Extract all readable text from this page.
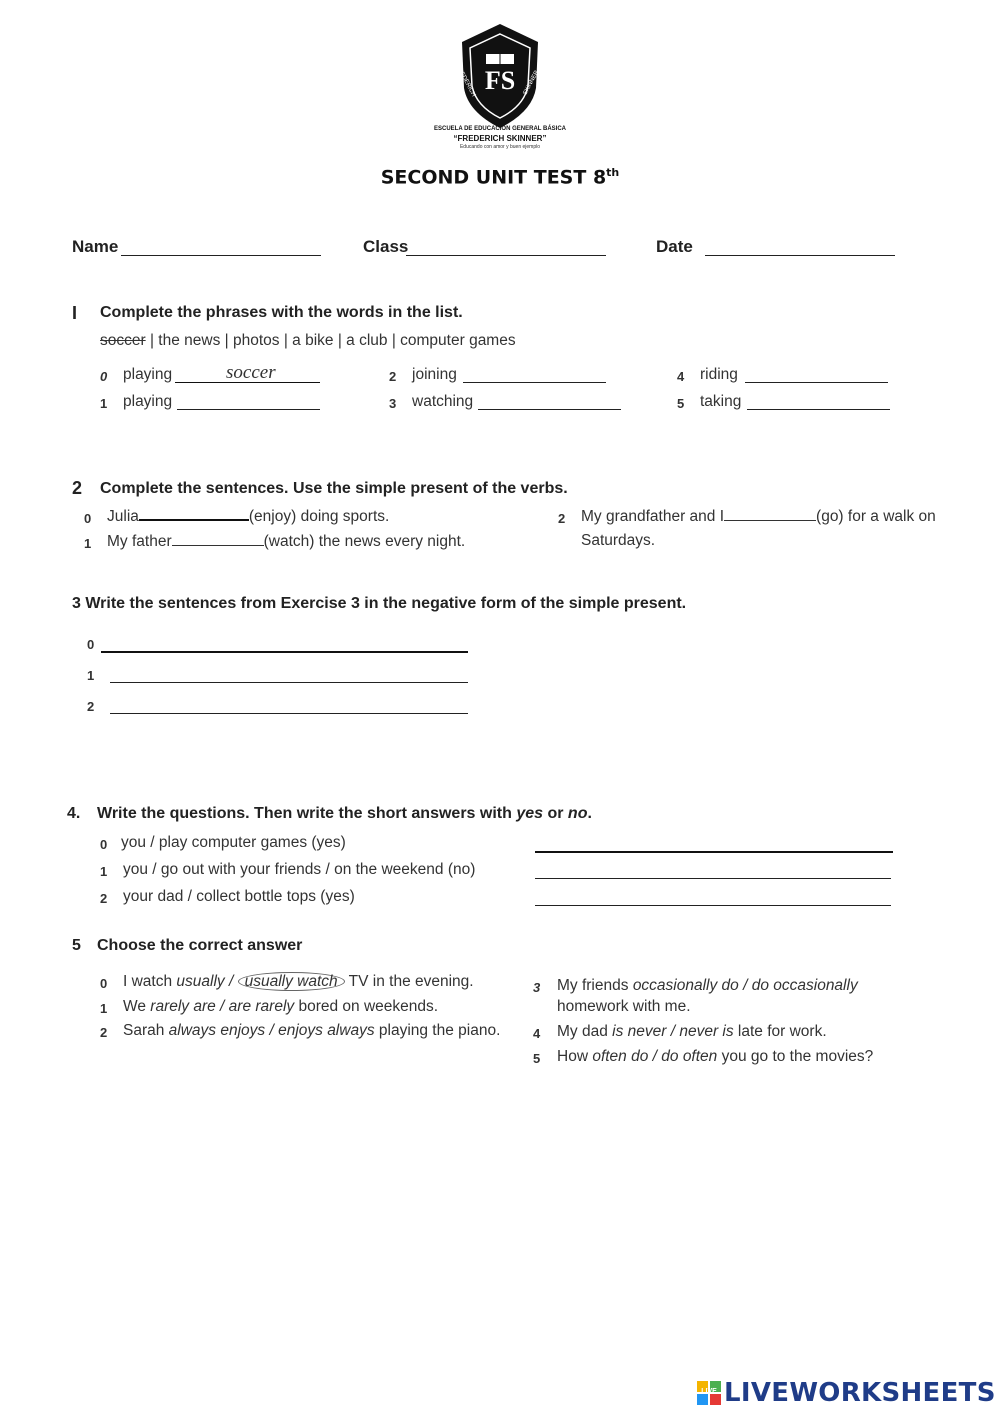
FS
FREDERICH	SKINNER
ESCUELA DE EDUCACIÓN GENERAL BÁSICA
“FREDERICH SKINNER”
Educando con amor y buen ejemplo
SECOND UNIT TEST 8th
Name	Class	Date
I Complete the phrases with the words in the list.
soccer | the news | photos | a bike | a club | computer games
0 playing	soccer
1 playing
2 joining
3 watching
4 riding
5 taking
2 Complete the sentences. Use the simple present of the verbs.
0 Julia	(enjoy) doing sports.
1 My father	(watch) the news every night.
2 My grandfather and I	(go) for a walk on
Saturdays.
3 Write the sentences from Exercise 3 in the negative form of the simple present.
0
1
2
4. Write the questions. Then write the short answers with yes or no.
0 you / play computer games (yes)
1 you / go out with your friends / on the weekend (no)
2 your dad / collect bottle tops (yes)
5 Choose the correct answer
0 I watch usually / usually watch TV in the evening.
1 We rarely are / are rarely bored on weekends.
2 Sarah always enjoys / enjoys always playing the piano.
3 My friends occasionally do / do occasionally
homework with me.
4 My dad is never / never is late for work.
5 How often do / do often you go to the movies?
LIVE LIVEWORKSHEETS
